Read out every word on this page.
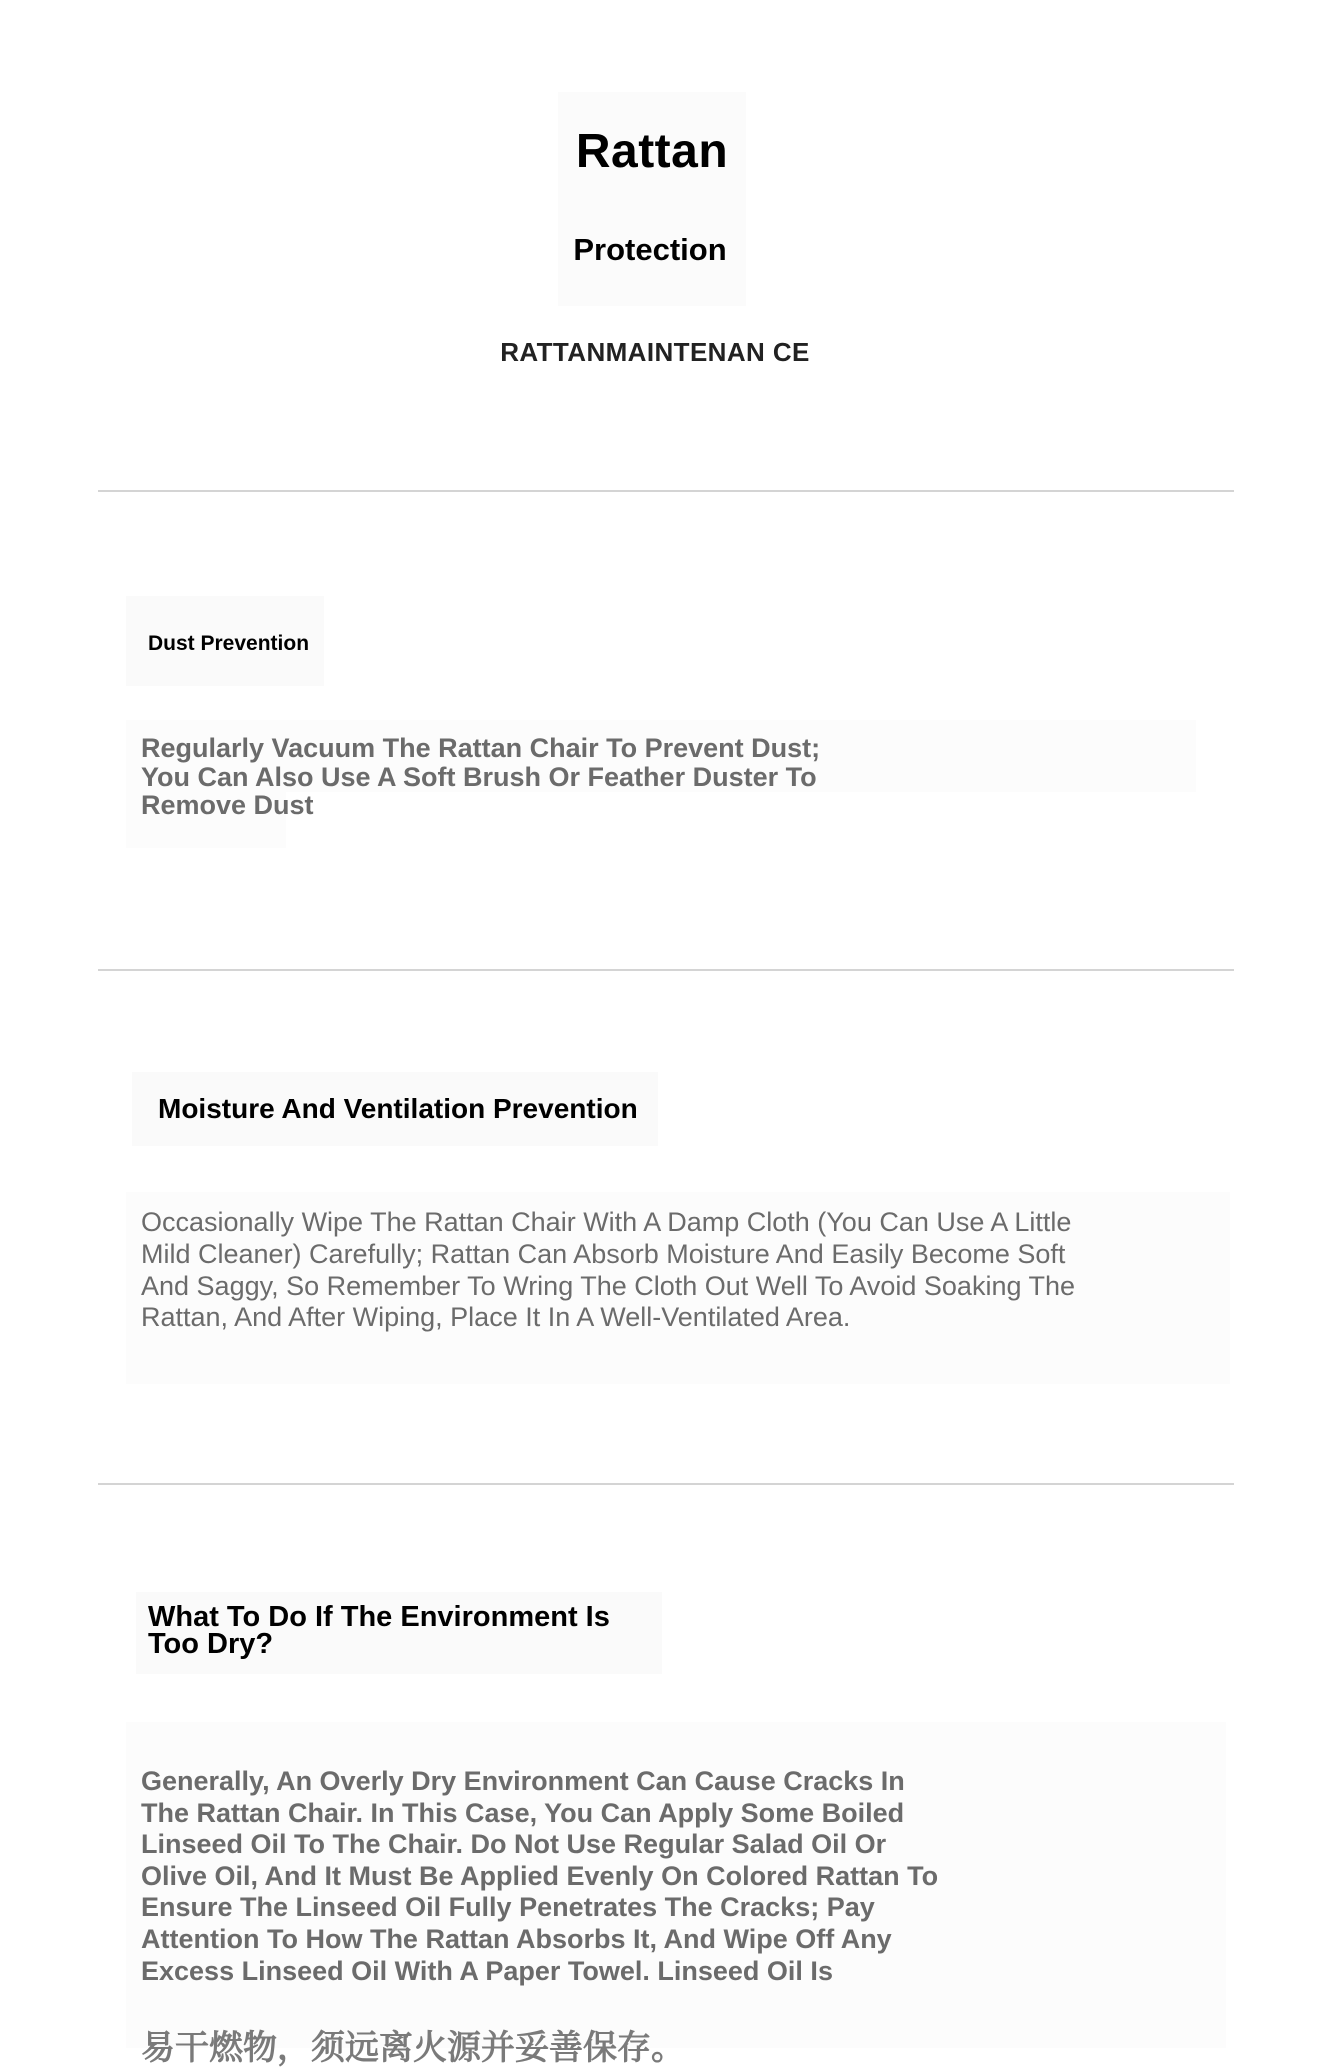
Rattan
Protection
RATTANMAINTENAN CE
Dust Prevention
Regularly Vacuum The Rattan Chair To Prevent Dust; You Can Also Use A Soft Brush Or Feather Duster To Remove Dust
Moisture And Ventilation Prevention
Occasionally Wipe The Rattan Chair With A Damp Cloth (You Can Use A Little Mild Cleaner) Carefully; Rattan Can Absorb Moisture And Easily Become Soft And Saggy, So Remember To Wring The Cloth Out Well To Avoid Soaking The Rattan, And After Wiping, Place It In A Well-Ventilated Area.
What To Do If The Environment Is Too Dry?
Generally, An Overly Dry Environment Can Cause Cracks In The Rattan Chair. In This Case, You Can Apply Some Boiled Linseed Oil To The Chair. Do Not Use Regular Salad Oil Or Olive Oil, And It Must Be Applied Evenly On Colored Rattan To Ensure The Linseed Oil Fully Penetrates The Cracks; Pay Attention To How The Rattan Absorbs It, And Wipe Off Any Excess Linseed Oil With A Paper Towel. Linseed Oil Is
易干燃物，须远离火源并妥善保存。
